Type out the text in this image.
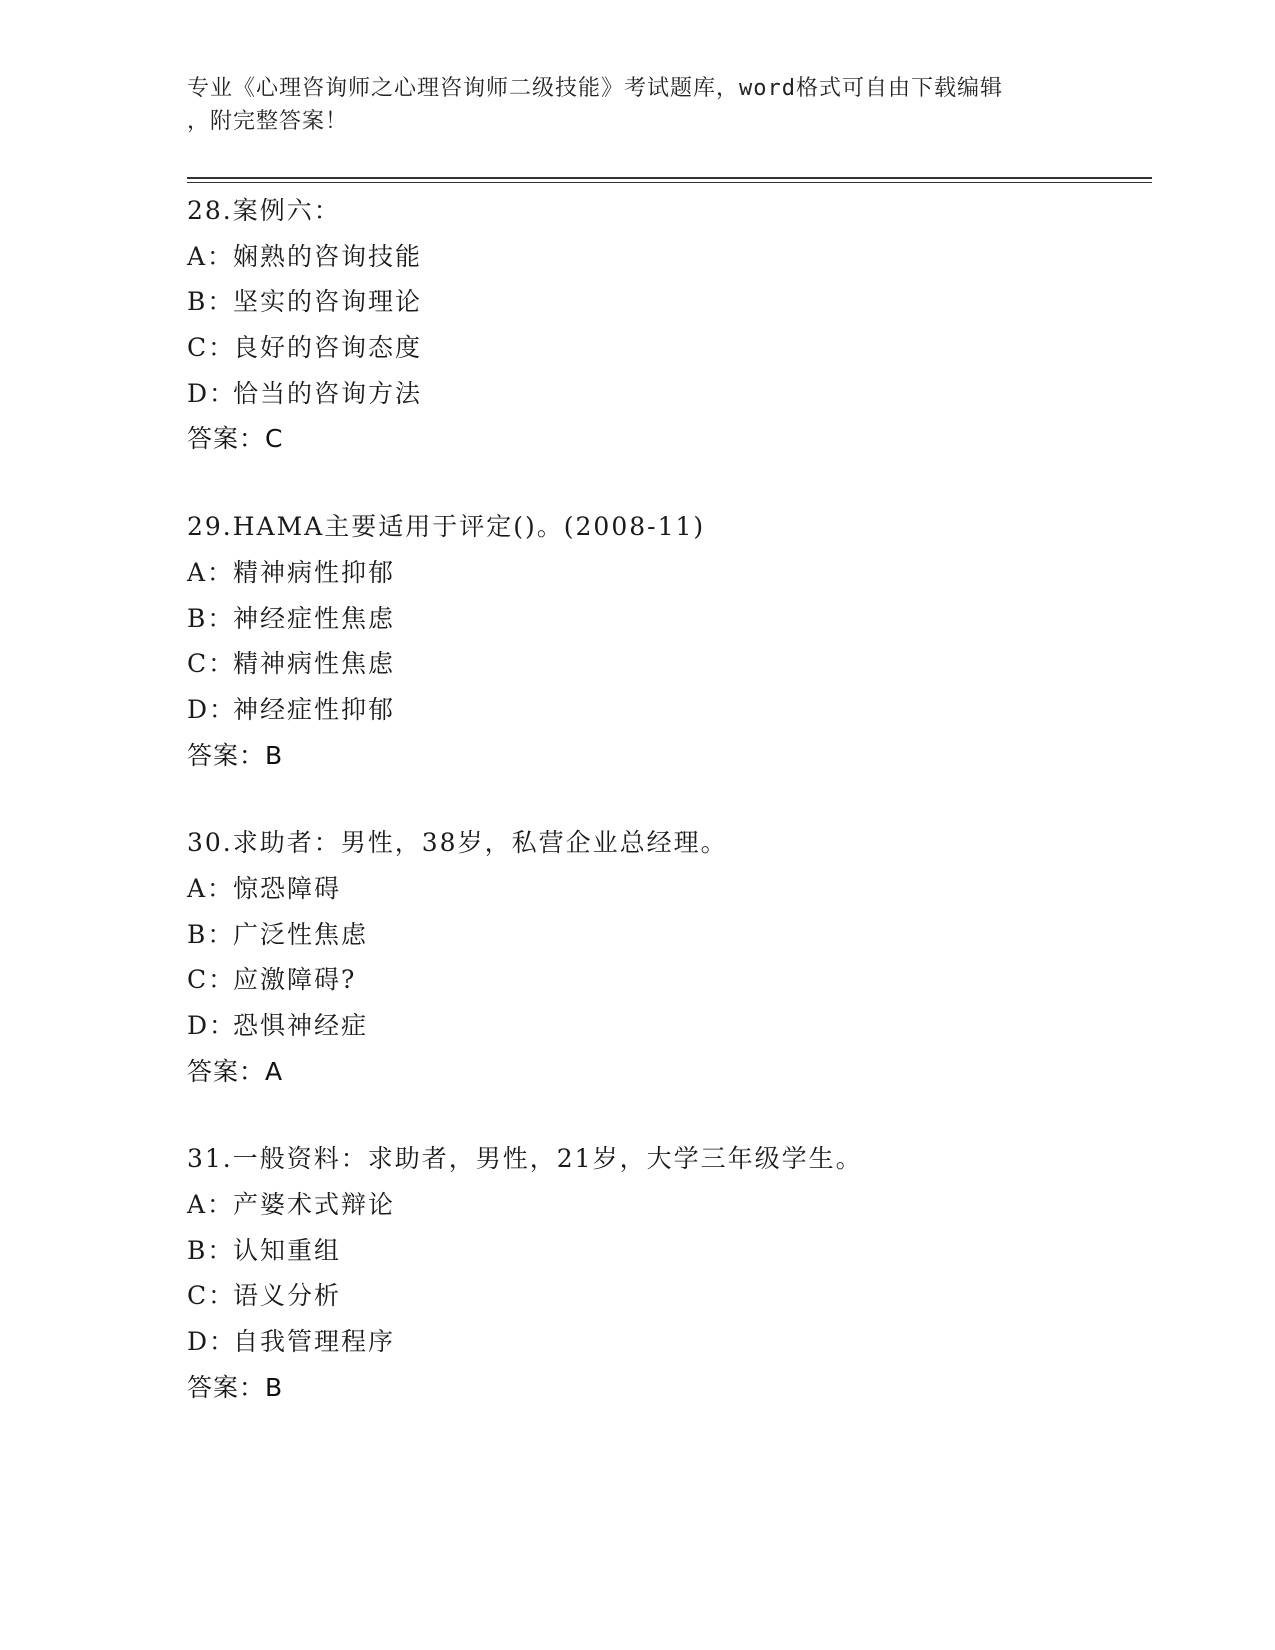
专业《心理咨询师之心理咨询师二级技能》考试题库，word格式可自由下载编辑
，附完整答案！
28.案例六：
A：娴熟的咨询技能
B：坚实的咨询理论
C：良好的咨询态度
D：恰当的咨询方法
答案：C
29.HAMA主要适用于评定()。(2008-11)
A：精神病性抑郁
B：神经症性焦虑
C：精神病性焦虑
D：神经症性抑郁
答案：B
30.求助者：男性，38岁，私营企业总经理。
A：惊恐障碍
B：广泛性焦虑
C：应激障碍?
D：恐惧神经症
答案：A
31.一般资料：求助者，男性，21岁，大学三年级学生。
A：产婆术式辩论
B：认知重组
C：语义分析
D：自我管理程序
答案：B
